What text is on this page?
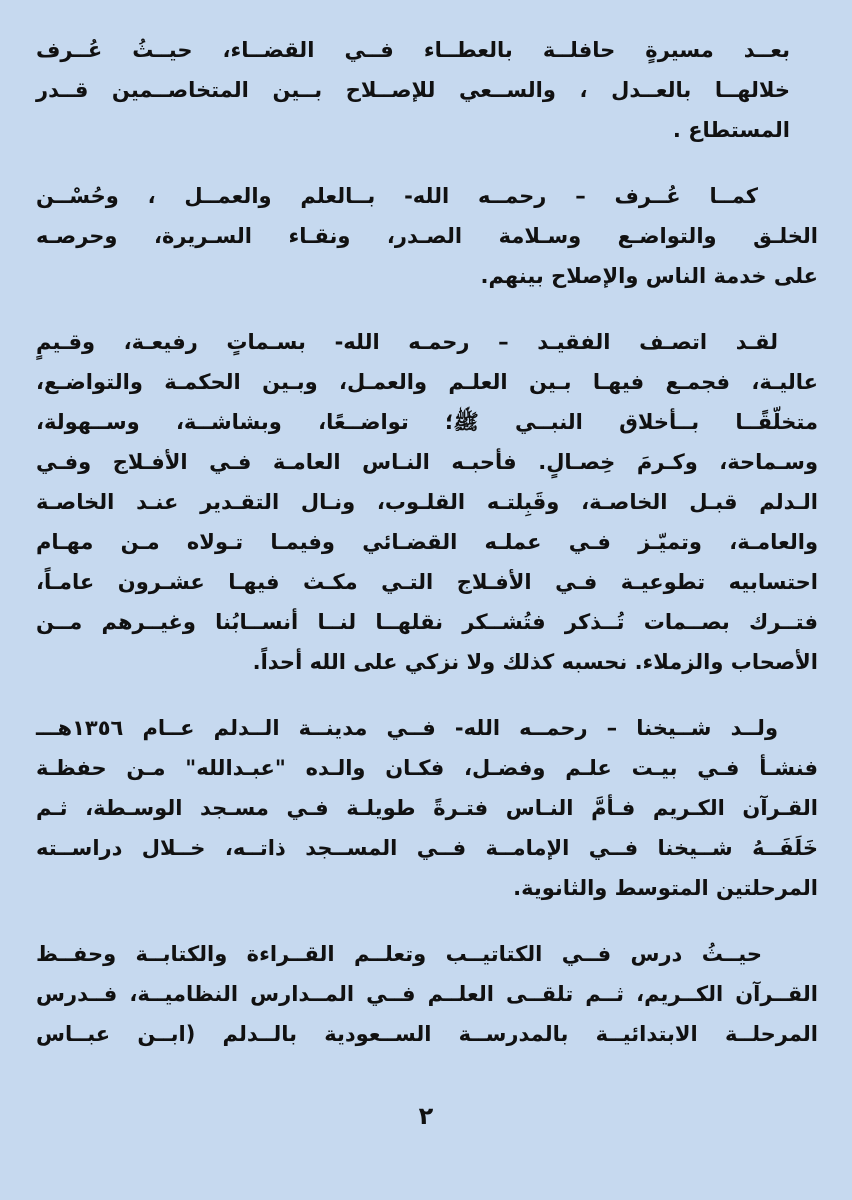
بعــد مسيرةٍ حافلــة بالعطــاء فــي القضــاء، حيــثُ عُــرف
خلالهــا بالعــدل ، والســعي للإصــلاح بــين المتخاصــمين قــدر
المستطاع .

كمــا عُــرف – رحمــه الله- بــالعلم والعمــل ، وحُسْــن
الخلـق والتواضـع وسـلامة الصـدر، ونقـاء السـريرة، وحرصـه
على خدمة الناس والإصلاح بينهم.

لقـد اتصـف الفقيـد – رحمـه الله- بسـماتٍ رفيعـة، وقـيمٍ
عاليـة، فجمـع فيهـا بـين العلـم والعمـل، وبـين الحكمـة والتواضـع،
متخلّقًــا بــأخلاق النبــي ﷺ؛ تواضــعًا، وبشاشــة، وســهولة،
وسـماحة، وكـرمَ خِصـالٍ. فأحبـه النـاس العامـة فـي الأفـلاج وفـي
الـدلم قبـل الخاصـة، وقَبِلتـه القلـوب، ونـال التقـدير عنـد الخاصـة
والعامـة، وتميّـز فـي عملـه القضـائي وفيمـا تـولاه مـن مهـام
احتسابيه تطوعيـة فـي الأفـلاج التـي مكـث فيهـا عشـرون عامـاً،
فتــرك بصــمات تُــذكر فتُشــكر نقلهــا لنــا أنســابُنا وغيــرهم مــن
الأصحاب والزملاء. نحسبه كذلك ولا نزكي على الله أحداً.

ولــد شــيخنا – رحمــه الله- فــي مدينــة الــدلم عــام ١٣٥٦هـــ
فنشـأ فـي بيـت علـم وفضـل، فكـان والـده "عبـدالله" مـن حفظـة
القـرآن الكـريم فـأمَّ النـاس فتـرةً طويلـة فـي مسـجد الوسـطة، ثـم
خَلَفَــهُ شــيخنا فــي الإمامــة فــي المســجد ذاتــه، خــلال دراســته
المرحلتين المتوسط والثانوية.

حيــثُ درس فــي الكتاتيــب وتعلــم القــراءة والكتابــة وحفــظ
القــرآن الكــريم، ثــم تلقــى العلــم فــي المــدارس النظاميــة، فــدرس
المرحلــة الابتدائيــة بالمدرســة الســعودية بالــدلم (ابــن عبــاس

٢
